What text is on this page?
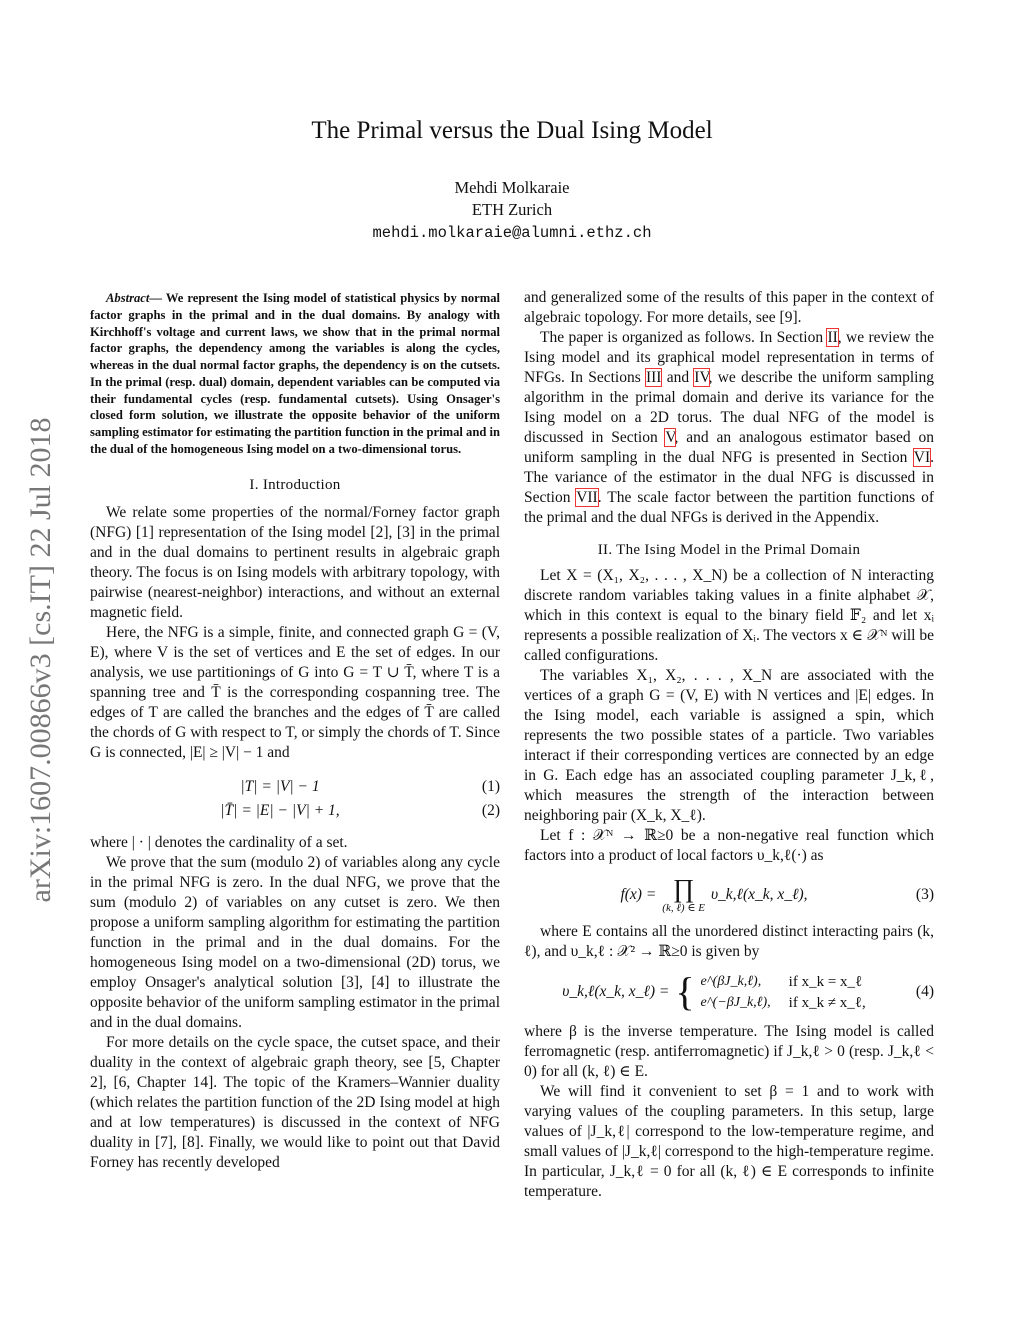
arXiv:1607.00866v3 [cs.IT] 22 Jul 2018
The Primal versus the Dual Ising Model
Mehdi Molkaraie
ETH Zurich
mehdi.molkaraie@alumni.ethz.ch
Abstract— We represent the Ising model of statistical physics by normal factor graphs in the primal and in the dual domains. By analogy with Kirchhoff's voltage and current laws, we show that in the primal normal factor graphs, the dependency among the variables is along the cycles, whereas in the dual normal factor graphs, the dependency is on the cutsets. In the primal (resp. dual) domain, dependent variables can be computed via their fundamental cycles (resp. fundamental cutsets). Using Onsager's closed form solution, we illustrate the opposite behavior of the uniform sampling estimator for estimating the partition function in the primal and in the dual of the homogeneous Ising model on a two-dimensional torus.
I. Introduction
We relate some properties of the normal/Forney factor graph (NFG) [1] representation of the Ising model [2], [3] in the primal and in the dual domains to pertinent results in algebraic graph theory. The focus is on Ising models with arbitrary topology, with pairwise (nearest-neighbor) interactions, and without an external magnetic field.
Here, the NFG is a simple, finite, and connected graph G = (V, E), where V is the set of vertices and E the set of edges. In our analysis, we use partitionings of G into G = T ∪ T̄, where T is a spanning tree and T̄ is the corresponding cospanning tree. The edges of T are called the branches and the edges of T̄ are called the chords of G with respect to T, or simply the chords of T. Since G is connected, |E| ≥ |V| − 1 and
|T| = |V| − 1	(1)
|T̄| = |E| − |V| + 1,	(2)
where | · | denotes the cardinality of a set.
We prove that the sum (modulo 2) of variables along any cycle in the primal NFG is zero. In the dual NFG, we prove that the sum (modulo 2) of variables on any cutset is zero. We then propose a uniform sampling algorithm for estimating the partition function in the primal and in the dual domains. For the homogeneous Ising model on a two-dimensional (2D) torus, we employ Onsager's analytical solution [3], [4] to illustrate the opposite behavior of the uniform sampling estimator in the primal and in the dual domains.
For more details on the cycle space, the cutset space, and their duality in the context of algebraic graph theory, see [5, Chapter 2], [6, Chapter 14]. The topic of the Kramers–Wannier duality (which relates the partition function of the 2D Ising model at high and at low temperatures) is discussed in the context of NFG duality in [7], [8]. Finally, we would like to point out that David Forney has recently developed
and generalized some of the results of this paper in the context of algebraic topology. For more details, see [9].
The paper is organized as follows. In Section II, we review the Ising model and its graphical model representation in terms of NFGs. In Sections III and IV, we describe the uniform sampling algorithm in the primal domain and derive its variance for the Ising model on a 2D torus. The dual NFG of the model is discussed in Section V, and an analogous estimator based on uniform sampling in the dual NFG is presented in Section VI. The variance of the estimator in the dual NFG is discussed in Section VII. The scale factor between the partition functions of the primal and the dual NFGs is derived in the Appendix.
II. The Ising Model in the Primal Domain
Let X = (X₁, X₂, . . . , X_N) be a collection of N interacting discrete random variables taking values in a finite alphabet 𝒳, which in this context is equal to the binary field 𝔽₂ and let xᵢ represents a possible realization of Xᵢ. The vectors x ∈ 𝒳ᴺ will be called configurations.
The variables X₁, X₂, . . . , X_N are associated with the vertices of a graph G = (V, E) with N vertices and |E| edges. In the Ising model, each variable is assigned a spin, which represents the two possible states of a particle. Two variables interact if their corresponding vertices are connected by an edge in G. Each edge has an associated coupling parameter J_k,ℓ, which measures the strength of the interaction between neighboring pair (X_k, X_ℓ).
Let f : 𝒳ᴺ → ℝ≥0 be a non-negative real function which factors into a product of local factors υ_k,ℓ(·) as
f(x) = ∏
(k, ℓ) ∈ E
υ_k,ℓ(x_k, x_ℓ),	(3)
where E contains all the unordered distinct interacting pairs (k, ℓ), and υ_k,ℓ : 𝒳² → ℝ≥0 is given by
υ_k,ℓ(x_k, x_ℓ) = { e^(βJ_k,ℓ),	if x_k = x_ℓ
e^(−βJ_k,ℓ), if x_k ≠ x_ℓ,
(4)
where β is the inverse temperature. The Ising model is called ferromagnetic (resp. antiferromagnetic) if J_k,ℓ > 0 (resp. J_k,ℓ < 0) for all (k, ℓ) ∈ E.
We will find it convenient to set β = 1 and to work with varying values of the coupling parameters. In this setup, large values of |J_k,ℓ| correspond to the low-temperature regime, and small values of |J_k,ℓ| correspond to the high-temperature regime. In particular, J_k,ℓ = 0 for all (k, ℓ) ∈ E corresponds to infinite temperature.
